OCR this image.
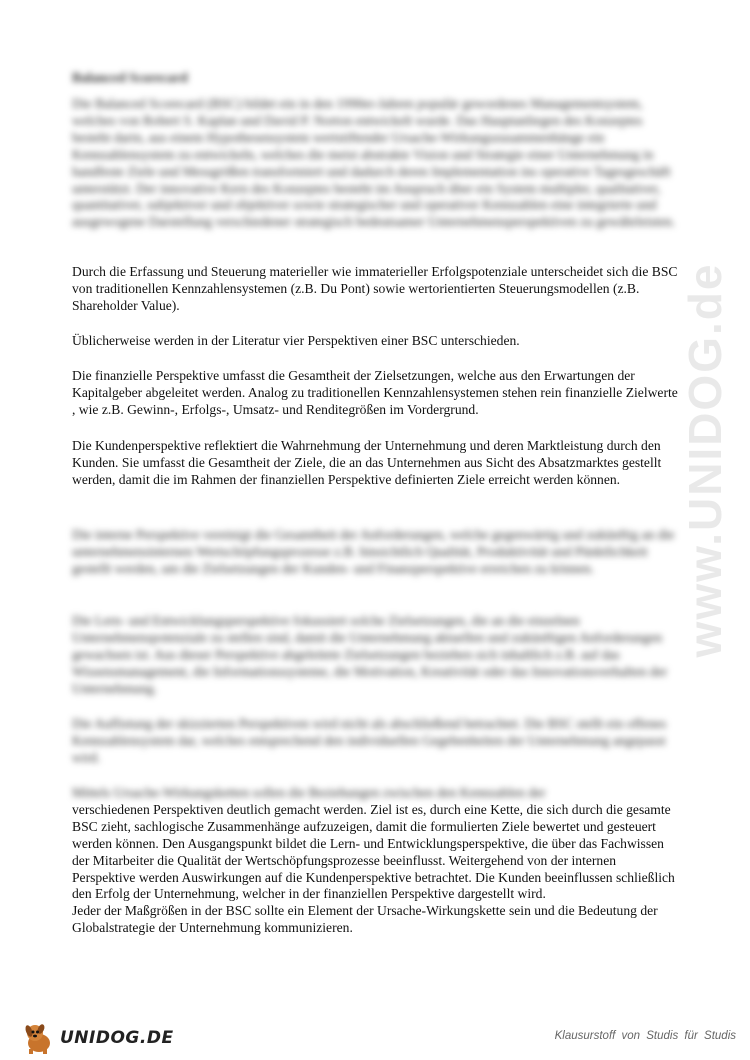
www.UNIDOG.de
Balanced Scorecard

Die Balanced Scorecard (BSC) bildet ein in den 1990er-Jahren populär gewordenes Managementsystem, welches von Robert S. Kaplan und David P. Norton entwickelt wurde. Das Hauptanliegen des Konzeptes besteht darin, aus einem Hypothesensystem wertstiftender Ursache-Wirkungszusammenhänge ein Kennzahlensystem zu entwickeln, welches die meist abstrakte Vision und Strategie einer Unternehmung in handfeste Ziele und Messgrößen transformiert und dadurch deren Implementation ins operative Tagesgeschäft unterstützt. Der innovative Kern des Konzeptes besteht im Anspruch über ein System multipler, qualitativer, quantitativer, subjektiver und objektiver sowie strategischer und operativer Kennzahlen eine integrierte und ausgewogene Darstellung verschiedener strategisch bedeutsamer Unternehmensperspektiven zu gewährleisten.

Durch die Erfassung und Steuerung materieller wie immaterieller Erfolgspotenziale unterscheidet sich die BSC von traditionellen Kennzahlensystemen (z.B. Du Pont) sowie wertorientierten Steuerungsmodellen (z.B. Shareholder Value).

Üblicherweise werden in der Literatur vier Perspektiven einer BSC unterschieden.

Die finanzielle Perspektive umfasst die Gesamtheit der Zielsetzungen, welche aus den Erwartungen der Kapitalgeber abgeleitet werden. Analog zu traditionellen Kennzahlensystemen stehen rein finanzielle Zielwerte , wie z.B. Gewinn-, Erfolgs-, Umsatz- und Renditegrößen im Vordergrund.

Die Kundenperspektive reflektiert die Wahrnehmung der Unternehmung und deren Marktleistung durch den Kunden. Sie umfasst die Gesamtheit der Ziele, die an das Unternehmen aus Sicht des Absatzmarktes gestellt werden, damit die im Rahmen der finanziellen Perspektive definierten Ziele erreicht werden können.

Die interne Perspektive vereinigt die Gesamtheit der Anforderungen, welche gegenwärtig und zukünftig an die unternehmensinternen Wertschöpfungsprozesse z.B. hinsichtlich Qualität, Produktivität und Pünktlichkeit gestellt werden, um die Zielsetzungen der Kunden- und Finanzperspektive erreichen zu können.

Die Lern- und Entwicklungsperspektive fokussiert solche Zielsetzungen, die an die einzelnen Unternehmenspotenziale zu stellen sind, damit die Unternehmung aktuellen und zukünftigen Anforderungen gewachsen ist. Aus dieser Perspektive abgeleitete Zielsetzungen beziehen sich inhaltlich z.B. auf das Wissensmanagement, die Informationssysteme, die Motivation, Kreativität oder das Innovationsverhalten der Unternehmung.

Die Auflistung der skizzierten Perspektiven wird nicht als abschließend betrachtet. Die BSC stellt ein offenes Kennzahlensystem dar, welches entsprechend den individuellen Gegebenheiten der Unternehmung angepasst wird.

Mittels Ursache-Wirkungsketten sollen die Beziehungen zwischen den Kennzahlen der

verschiedenen Perspektiven deutlich gemacht werden. Ziel ist es, durch eine Kette, die sich durch die gesamte BSC zieht, sachlogische Zusammenhänge aufzuzeigen, damit die formulierten Ziele bewertet und gesteuert werden können. Den Ausgangspunkt bildet die Lern- und Entwicklungsperspektive, die über das Fachwissen der Mitarbeiter die Qualität der Wertschöpfungsprozesse beeinflusst. Weitergehend von der internen Perspektive werden Auswirkungen auf die Kundenperspektive betrachtet. Die Kunden beeinflussen schließlich den Erfolg der Unternehmung, welcher in der finanziellen Perspektive dargestellt wird.

Jeder der Maßgrößen in der BSC sollte ein Element der Ursache-Wirkungskette sein und die Bedeutung der Globalstrategie der Unternehmung kommunizieren.

UNIDOG.DE	Klausurstoff von Studis für Studis
